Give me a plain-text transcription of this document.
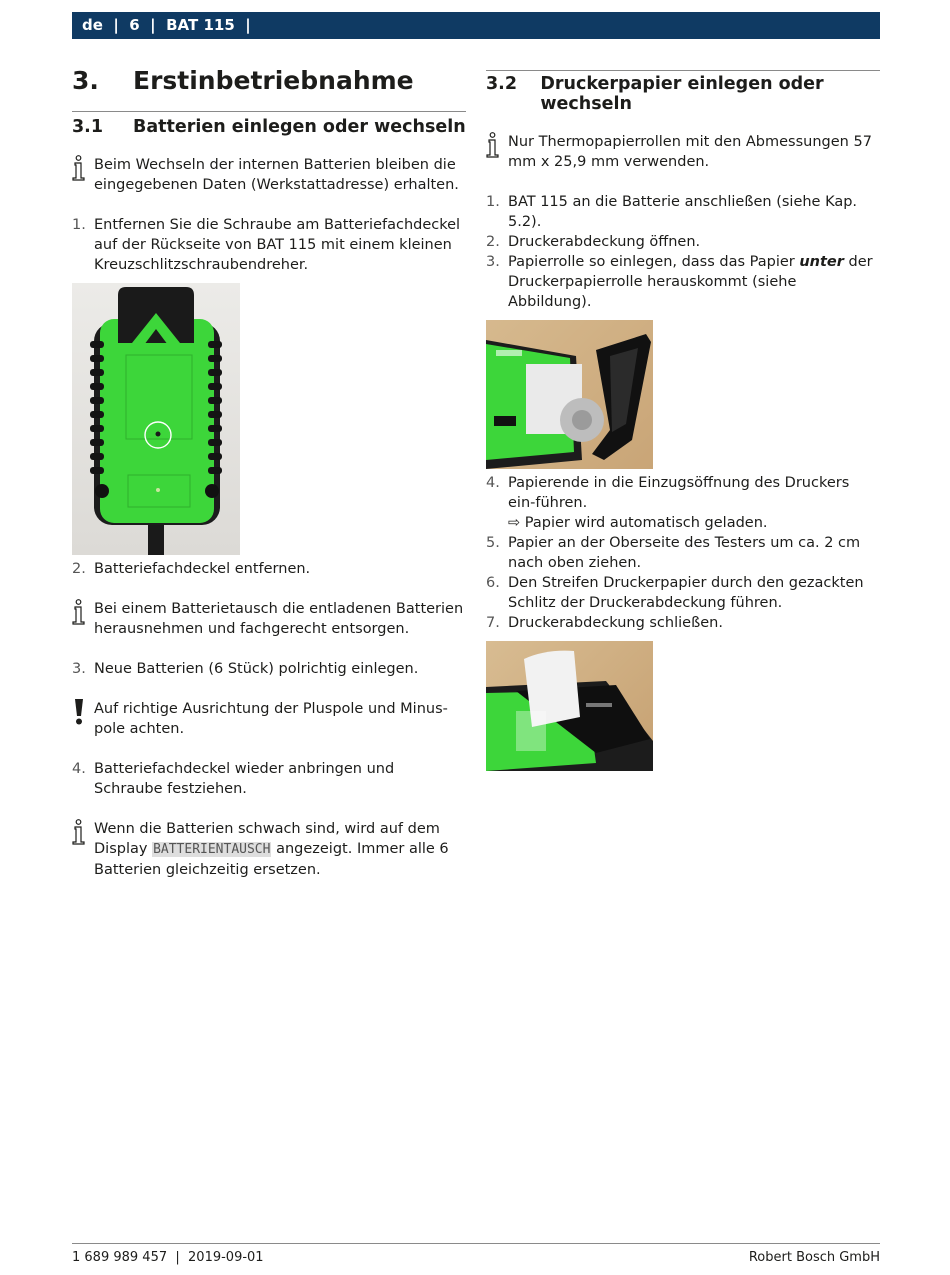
de  |  6  |  BAT 115  |
3.	Erstinbetriebnahme
3.1	Batterien einlegen oder wechseln
Beim Wechseln der internen Batterien bleiben die eingegebenen Daten (Werkstattadresse) erhalten.
1. Entfernen Sie die Schraube am Batteriefachdeckel auf der Rückseite von BAT 115 mit einem kleinen Kreuzschlitzschraubendreher.
2. Batteriefachdeckel entfernen.
Bei einem Batterietausch die entladenen Batterien herausnehmen und fachgerecht entsorgen.
3. Neue Batterien (6 Stück) polrichtig einlegen.
Auf richtige Ausrichtung der Pluspole und Minus-pole achten.
4. Batteriefachdeckel wieder anbringen und Schraube festziehen.
Wenn die Batterien schwach sind, wird auf dem Display BATTERIENTAUSCH angezeigt. Immer alle 6 Batterien gleichzeitig ersetzen.
3.2	Druckerpapier einlegen oder wechseln
Nur Thermopapierrollen mit den Abmessungen 57 mm x 25,9 mm verwenden.
1. BAT 115 an die Batterie anschließen (siehe Kap. 5.2).
2. Druckerabdeckung öffnen.
3. Papierrolle so einlegen, dass das Papier unter der Druckerpapierrolle herauskommt (siehe Abbildung).
4. Papierende in die Einzugsöffnung des Druckers ein-führen.
⇨ Papier wird automatisch geladen.
5. Papier an der Oberseite des Testers um ca. 2 cm nach oben ziehen.
6. Den Streifen Druckerpapier durch den gezackten Schlitz der Druckerabdeckung führen.
7. Druckerabdeckung schließen.
1 689 989 457  |  2019-09-01	Robert Bosch GmbH
